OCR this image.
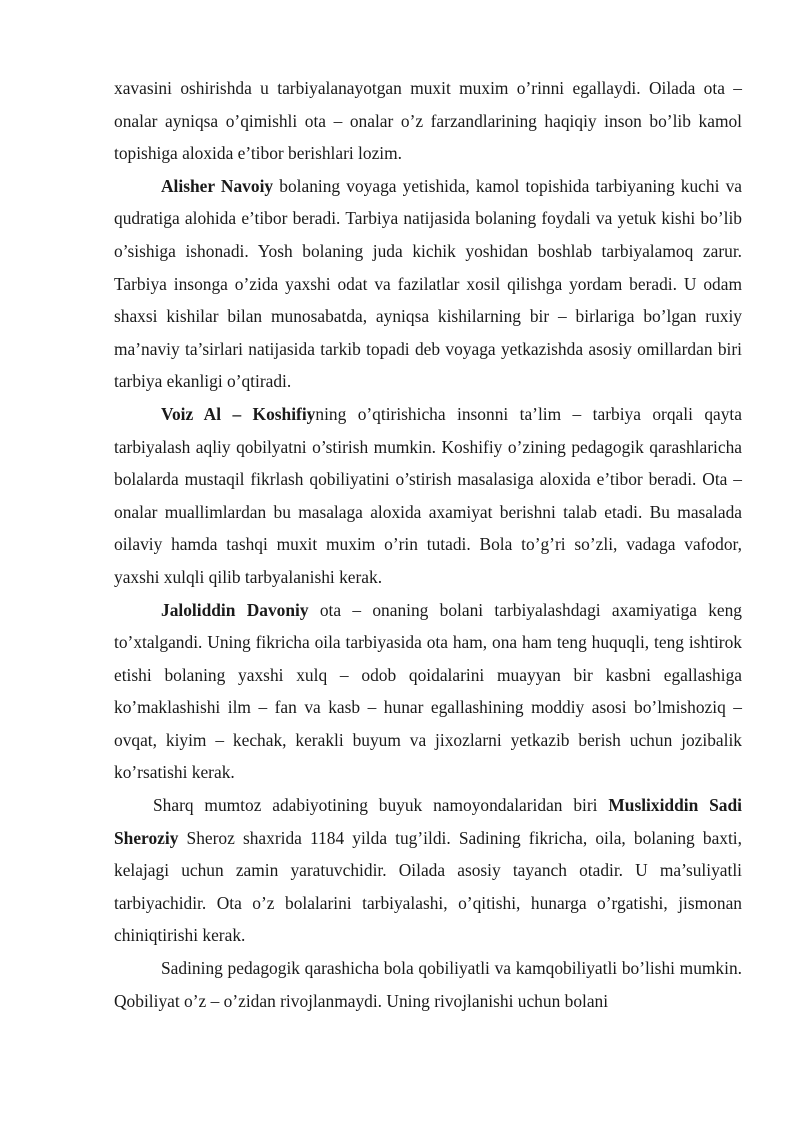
xavasini oshirishda u tarbiyalanayotgan muxit muxim o’rinni egallaydi. Oilada ota – onalar ayniqsa o’qimishli ota – onalar o’z farzandlarining haqiqiy inson bo’lib kamol topishiga aloxida e’tibor berishlari lozim.

Alisher Navoiy bolaning voyaga yetishida, kamol topishida tarbiyaning kuchi va qudratiga alohida e’tibor beradi. Tarbiya natijasida bolaning foydali va yetuk kishi bo’lib o’sishiga ishonadi. Yosh bolaning juda kichik yoshidan boshlab tarbiyalamoq zarur. Tarbiya insonga o’zida yaxshi odat va fazilatlar xosil qilishga yordam beradi. U odam shaxsi kishilar bilan munosabatda, ayniqsa kishilarning bir – birlariga bo’lgan ruxiy ma’naviy ta’sirlari natijasida tarkib topadi deb voyaga yetkazishda asosiy omillardan biri tarbiya ekanligi o’qtiradi.

Voiz Al – Koshifiyning o’qtirishicha insonni ta’lim – tarbiya orqali qayta tarbiyalash aqliy qobilyatni o’stirish mumkin. Koshifiy o’zining pedagogik qarashlaricha bolalarda mustaqil fikrlash qobiliyatini o’stirish masalasiga aloxida e’tibor beradi. Ota – onalar muallimlardan bu masalaga aloxida axamiyat berishni talab etadi. Bu masalada oilaviy hamda tashqi muxit muxim o’rin tutadi. Bola to’g’ri so’zli, vadaga vafodor, yaxshi xulqli qilib tarbyalanishi kerak.

Jaloliddin Davoniy ota – onaning bolani tarbiyalashdagi axamiyatiga keng to’xtalgandi. Uning fikricha oila tarbiyasida ota ham, ona ham teng huquqli, teng ishtirok etishi bolaning yaxshi xulq – odob qoidalarini muayyan bir kasbni egallashiga ko’maklashishi ilm – fan va kasb – hunar egallashining moddiy asosi bo’lmishoziq – ovqat, kiyim – kechak, kerakli buyum va jixozlarni yetkazib berish uchun jozibalik ko’rsatishi kerak.

Sharq mumtoz adabiyotining buyuk namoyondalaridan biri Muslixiddin Sadi Sheroziy Sheroz shaxrida 1184 yilda tug’ildi. Sadining fikricha, oila, bolaning baxti, kelajagi uchun zamin yaratuvchidir. Oilada asosiy tayanch otadir. U ma’suliyatli tarbiyachidir. Ota o’z bolalarini tarbiyalashi, o’qitishi, hunarga o’rgatishi, jismonan chiniqtirishi kerak.

Sadining pedagogik qarashicha bola qobiliyatli va kamqobiliyatli bo’lishi mumkin. Qobiliyat o’z – o’zidan rivojlanmaydi. Uning rivojlanishi uchun bolani
